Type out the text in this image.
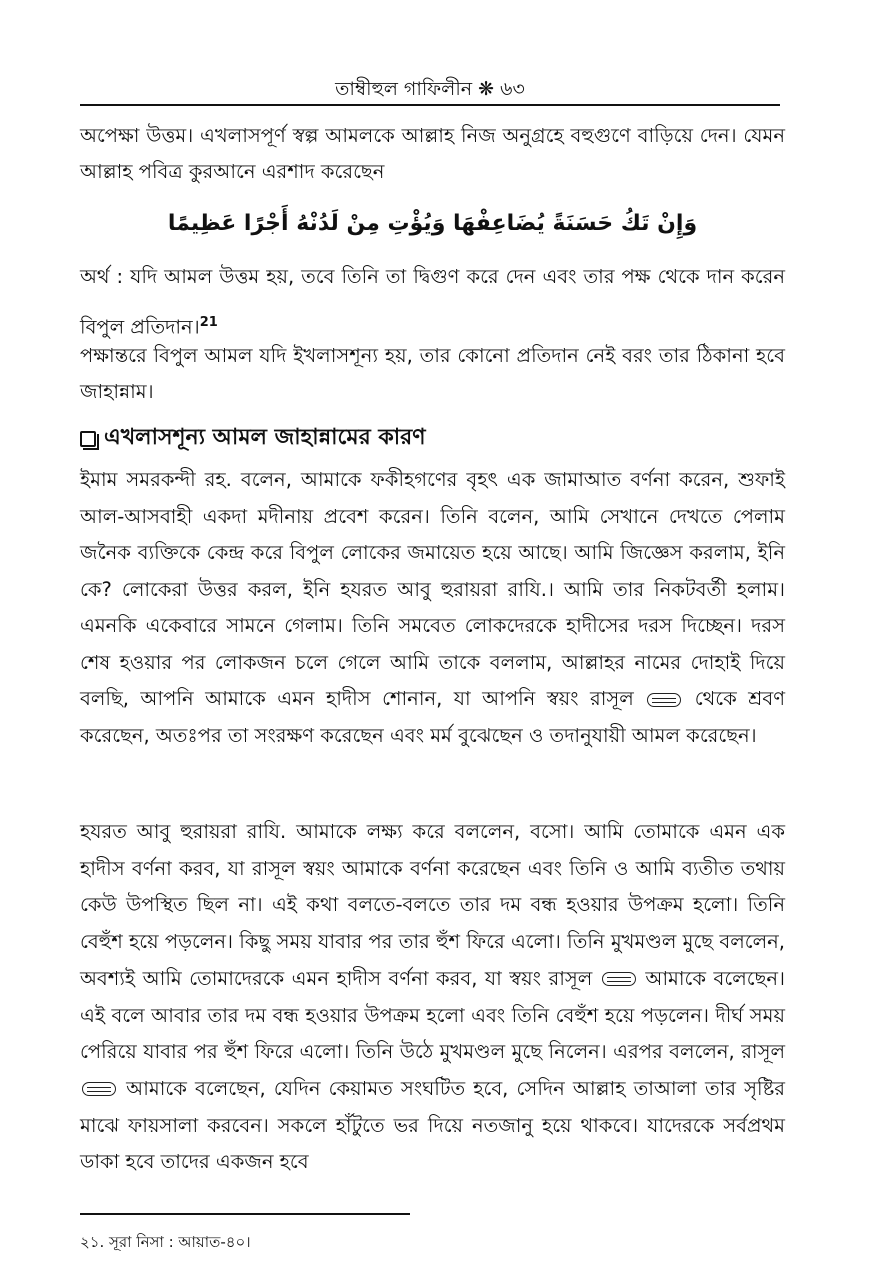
তাম্বীহুল গাফিলীন ❋ ৬৩

অপেক্ষা উত্তম। এখলাসপূর্ণ স্বল্প আমলকে আল্লাহ নিজ অনুগ্রহে বহুগুণে বাড়িয়ে দেন। যেমন আল্লাহ পবিত্র কুরআনে এরশাদ করেছেন

وَإِنْ تَكُ حَسَنَةً يُضَاعِفْهَا وَيُؤْتِ مِنْ لَدُنْهُ أَجْرًا عَظِيمًا

অর্থ : যদি আমল উত্তম হয়, তবে তিনি তা দ্বিগুণ করে দেন এবং তার পক্ষ থেকে দান করেন বিপুল প্রতিদান।$^{21}$

পক্ষান্তরে বিপুল আমল যদি ইখলাসশূন্য হয়, তার কোনো প্রতিদান নেই বরং তার ঠিকানা হবে জাহান্নাম।

এখলাসশূন্য আমল জাহান্নামের কারণ

ইমাম সমরকন্দী রহ. বলেন, আমাকে ফকীহগণের বৃহৎ এক জামাআত বর্ণনা করেন, শুফাই আল-আসবাহী একদা মদীনায় প্রবেশ করেন। তিনি বলেন, আমি সেখানে দেখতে পেলাম জনৈক ব্যক্তিকে কেন্দ্র করে বিপুল লোকের জমায়েত হয়ে আছে। আমি জিজ্ঞেস করলাম, ইনি কে? লোকেরা উত্তর করল, ইনি হযরত আবু হুরায়রা রাযি.। আমি তার নিকটবর্তী হলাম। এমনকি একেবারে সামনে গেলাম। তিনি সমবেত লোকদেরকে হাদীসের দরস দিচ্ছেন। দরস শেষ হওয়ার পর লোকজন চলে গেলে আমি তাকে বললাম, আল্লাহর নামের দোহাই দিয়ে বলছি, আপনি আমাকে এমন হাদীস শোনান, যা আপনি স্বয়ং রাসূল	থেকে শ্রবণ করেছেন, অতঃপর তা সংরক্ষণ করেছেন এবং মর্ম বুঝেছেন ও তদানুযায়ী আমল করেছেন।

হযরত আবু হুরায়রা রাযি. আমাকে লক্ষ্য করে বললেন, বসো। আমি তোমাকে এমন এক হাদীস বর্ণনা করব, যা রাসূল স্বয়ং আমাকে বর্ণনা করেছেন এবং তিনি ও আমি ব্যতীত তথায় কেউ উপস্থিত ছিল না। এই কথা বলতে-বলতে তার দম বন্ধ হওয়ার উপক্রম হলো। তিনি বেহুঁশ হয়ে পড়লেন। কিছু সময় যাবার পর তার হুঁশ ফিরে এলো। তিনি মুখমণ্ডল মুছে বললেন, অবশ্যই আমি তোমাদেরকে এমন হাদীস বর্ণনা করব, যা স্বয়ং রাসূল	আমাকে বলেছেন। এই বলে আবার তার দম বন্ধ হওয়ার উপক্রম হলো এবং তিনি বেহুঁশ হয়ে পড়লেন। দীর্ঘ সময় পেরিয়ে যাবার পর হুঁশ ফিরে এলো। তিনি উঠে মুখমণ্ডল মুছে নিলেন। এরপর বললেন, রাসূল  আমাকে বলেছেন, যেদিন কেয়ামত সংঘটিত হবে, সেদিন আল্লাহ তাআলা তার সৃষ্টির মাঝে ফায়সালা করবেন। সকলে হাঁটুতে ভর দিয়ে নতজানু হয়ে থাকবে। যাদেরকে সর্বপ্রথম ডাকা হবে তাদের একজন হবে

২১. সূরা নিসা : আয়াত-৪০।
